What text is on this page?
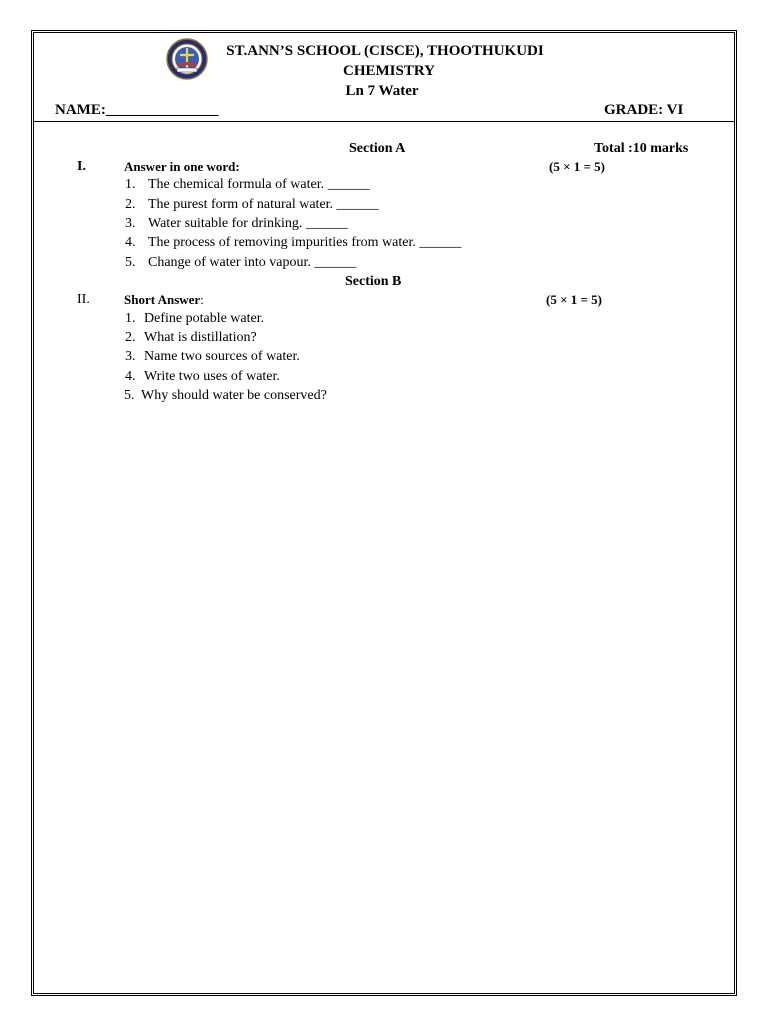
ST.ANN’S SCHOOL (CISCE), THOOTHUKUDI
CHEMISTRY
Ln 7 Water
NAME:_______________	GRADE: VI
Section A	Total :10 marks
I.	Answer in one word:	(5 × 1 = 5)
1. The chemical formula of water. ______
2. The purest form of natural water. ______
3. Water suitable for drinking. ______
4. The process of removing impurities from water. ______
5. Change of water into vapour. ______
Section B
II.	Short Answer:	(5 × 1 = 5)
1. Define potable water.
2. What is distillation?
3. Name two sources of water.
4. Write two uses of water.
5. Why should water be conserved?
